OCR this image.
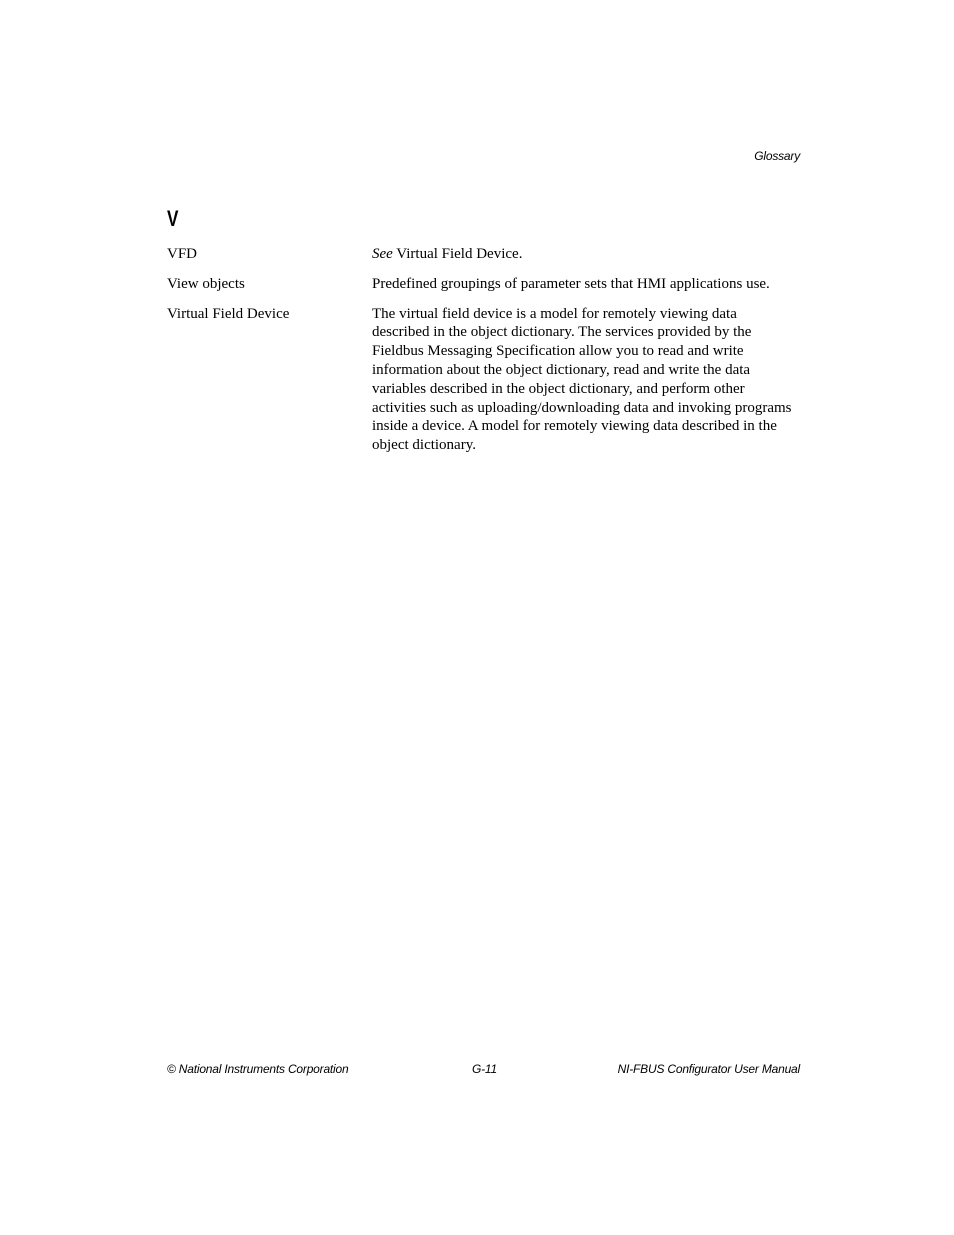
Glossary
V
VFD	See Virtual Field Device.
View objects	Predefined groupings of parameter sets that HMI applications use.
Virtual Field Device	The virtual field device is a model for remotely viewing data described in the object dictionary. The services provided by the Fieldbus Messaging Specification allow you to read and write information about the object dictionary, read and write the data variables described in the object dictionary, and perform other activities such as uploading/downloading data and invoking programs inside a device. A model for remotely viewing data described in the object dictionary.
© National Instruments Corporation	G-11	NI-FBUS Configurator User Manual
